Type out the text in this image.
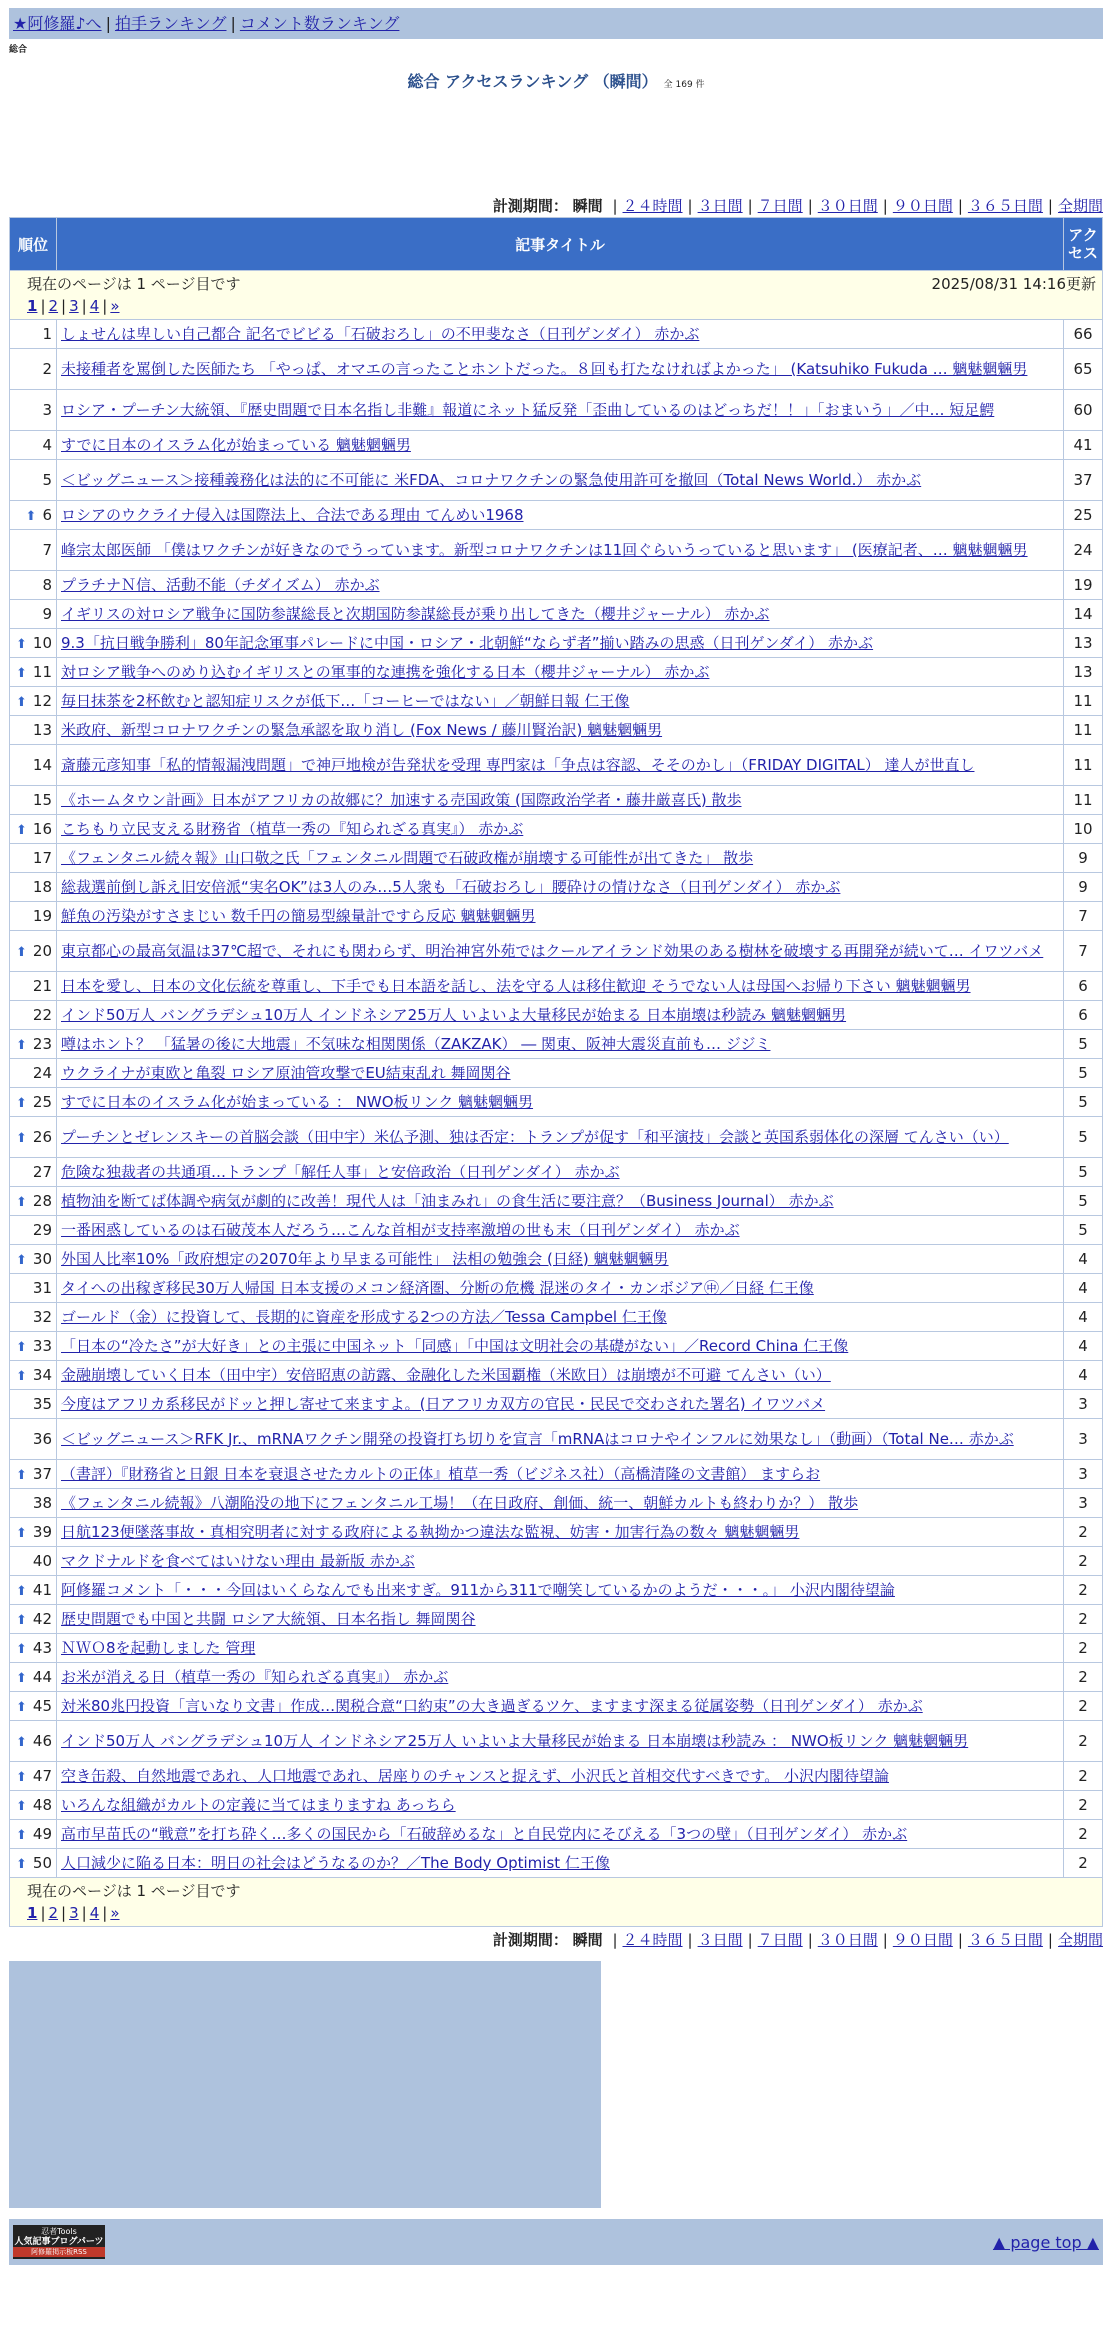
★阿修羅♪へ | 拍手ランキング | コメント数ランキング
総合
総合 アクセスランキング （瞬間） 全 169 件
計測期間： 瞬間 | ２４時間 | ３日間 | ７日間 | ３０日間 | ９０日間 | ３６５日間 | 全期間
現在のページは 1 ページ目です 2025/08/31 14:16更新
1 | 2 | 3 | 4 | »		

順位	記事タイトル	アクセス
1	しょせんは卑しい自己都合 記名でビビる「石破おろし」の不甲斐なさ（日刊ゲンダイ） 赤かぶ	66
2	未接種者を罵倒した医師たち 「やっぱ、オマエの言ったことホントだった。８回も打たなければよかった」 (Katsuhiko Fukuda … 魑魅魍魎男	65
3	ロシア・プーチン大統領、『歴史問題で日本名指し非難』報道にネット猛反発「歪曲しているのはどっちだ！！」「おまいう」／中… 短足鰐	60
4	すでに日本のイスラム化が始まっている 魑魅魍魎男	41
5	＜ビッグニュース＞接種義務化は法的に不可能に 米FDA、コロナワクチンの緊急使用許可を撤回（Total News World.） 赤かぶ	37
⬆ 6	ロシアのウクライナ侵入は国際法上、合法である理由 てんめい1968	25
7	峰宗太郎医師 「僕はワクチンが好きなのでうっています。新型コロナワクチンは11回ぐらいうっていると思います」 (医療記者、… 魑魅魍魎男	24
8	プラチナＮ信、活動不能（チダイズム） 赤かぶ	19
9	イギリスの対ロシア戦争に国防参謀総長と次期国防参謀総長が乗り出してきた（櫻井ジャーナル） 赤かぶ	14
⬆ 10	9.3「抗日戦争勝利」80年記念軍事パレードに中国・ロシア・北朝鮮“ならず者”揃い踏みの思惑（日刊ゲンダイ） 赤かぶ	13
⬆ 11	対ロシア戦争へのめり込むイギリスとの軍事的な連携を強化する日本（櫻井ジャーナル） 赤かぶ	13
⬆ 12	毎日抹茶を2杯飲むと認知症リスクが低下…「コーヒーではない」／朝鮮日報 仁王像	11
13	米政府、新型コロナワクチンの緊急承認を取り消し (Fox News / 藤川賢治訳) 魑魅魍魎男	11
14	斎藤元彦知事「私的情報漏洩問題」で神戸地検が告発状を受理 専門家は「争点は容認、そそのかし」（FRIDAY DIGITAL） 達人が世直し	11
15	《ホームタウン計画》日本がアフリカの故郷に？加速する売国政策 (国際政治学者・藤井厳喜氏) 散歩	11
⬆ 16	こちもり立民支える財務省（植草一秀の『知られざる真実』） 赤かぶ	10
17	《フェンタニル続々報》山口敬之氏「フェンタニル問題で石破政権が崩壊する可能性が出てきた」 散歩	9
18	総裁選前倒し訴え旧安倍派“実名OK”は3人のみ…5人衆も「石破おろし」腰砕けの情けなさ（日刊ゲンダイ） 赤かぶ	9
19	鮮魚の汚染がすさまじい 数千円の簡易型線量計ですら反応 魑魅魍魎男	7
⬆ 20	東京都心の最高気温は37℃超で、それにも関わらず、明治神宮外苑ではクールアイランド効果のある樹林を破壊する再開発が続いて… イワツバメ	7
21	日本を愛し、日本の文化伝統を尊重し、下手でも日本語を話し、法を守る人は移住歓迎 そうでない人は母国へお帰り下さい 魑魅魍魎男	6
22	インド50万人 バングラデシュ10万人 インドネシア25万人 いよいよ大量移民が始まる 日本崩壊は秒読み 魑魅魍魎男	6
⬆ 23	噂はホント？ 「猛暑の後に大地震」不気味な相関関係（ZAKZAK） ― 関東、阪神大震災直前も… ジジミ	5
24	ウクライナが東欧と亀裂 ロシア原油管攻撃でEU結束乱れ 舞岡関谷	5
⬆ 25	すでに日本のイスラム化が始まっている ： NWO板リンク 魑魅魍魎男	5
⬆ 26	プーチンとゼレンスキーの首脳会談（田中宇）米仏予測、独は否定：トランプが促す「和平演技」会談と英国系弱体化の深層 てんさい（い）	5
27	危険な独裁者の共通項…トランプ「解任人事」と安倍政治（日刊ゲンダイ） 赤かぶ	5
⬆ 28	植物油を断てば体調や病気が劇的に改善！現代人は「油まみれ」の食生活に要注意？（Business Journal） 赤かぶ	5
29	一番困惑しているのは石破茂本人だろう…こんな首相が支持率激増の世も末（日刊ゲンダイ） 赤かぶ	5
⬆ 30	外国人比率10%「政府想定の2070年より早まる可能性」 法相の勉強会 (日経) 魑魅魍魎男	4
31	タイへの出稼ぎ移民30万人帰国 日本支援のメコン経済圏、分断の危機 混迷のタイ・カンボジア㊥／日経 仁王像	4
32	ゴールド（金）に投資して、長期的に資産を形成する2つの方法／Tessa Campbel 仁王像	4
⬆ 33	「日本の“冷たさ”が大好き」との主張に中国ネット「同感」「中国は文明社会の基礎がない」／Record China 仁王像	4
⬆ 34	金融崩壊していく日本（田中宇）安倍昭恵の訪露、金融化した米国覇権（米欧日）は崩壊が不可避 てんさい（い）	4
35	今度はアフリカ系移民がドッと押し寄せて来ますよ。(日アフリカ双方の官民・民民で交わされた署名) イワツバメ	3
36	＜ビッグニュース＞RFK Jr.、mRNAワクチン開発の投資打ち切りを宣言「mRNAはコロナやインフルに効果なし」（動画）（Total Ne… 赤かぶ	3
⬆ 37	（書評）『財務省と日銀 日本を衰退させたカルトの正体』植草一秀（ビジネス社）（高橋清隆の文書館） ますらお	3
38	《フェンタニル続報》八潮陥没の地下にフェンタニル工場！（在日政府、創価、統一、朝鮮カルトも終わりか？） 散歩	3
⬆ 39	日航123便墜落事故・真相究明者に対する政府による執拗かつ違法な監視、妨害・加害行為の数々 魑魅魍魎男	2
40	マクドナルドを食べてはいけない理由 最新版 赤かぶ	2
⬆ 41	阿修羅コメント「・・・今回はいくらなんでも出来すぎ。911から311で嘲笑しているかのようだ・・・。」 小沢内閣待望論	2
⬆ 42	歴史問題でも中国と共闘 ロシア大統領、日本名指し 舞岡関谷	2
⬆ 43	ＮＷＯ8を起動しました 管理	2
⬆ 44	お米が消える日（植草一秀の『知られざる真実』） 赤かぶ	2
⬆ 45	対米80兆円投資「言いなり文書」作成…関税合意“口約束”の大き過ぎるツケ、ますます深まる従属姿勢（日刊ゲンダイ） 赤かぶ	2
⬆ 46	インド50万人 バングラデシュ10万人 インドネシア25万人 いよいよ大量移民が始まる 日本崩壊は秒読み ： NWO板リンク 魑魅魍魎男	2
⬆ 47	空き缶殺、自然地震であれ、人口地震であれ、居座りのチャンスと捉えず、小沢氏と首相交代すべきです。 小沢内閣待望論	2
⬆ 48	いろんな組織がカルトの定義に当てはまりますね あっちら	2
⬆ 49	高市早苗氏の“戦意”を打ち砕く…多くの国民から「石破辞めるな」と自民党内にそびえる「3つの壁」（日刊ゲンダイ） 赤かぶ	2
⬆ 50	人口減少に陥る日本：明日の社会はどうなるのか？／The Body Optimist 仁王像	2

現在のページは 1 ページ目です
1 | 2 | 3 | 4 | »		
計測期間： 瞬間 | ２４時間 | ３日間 | ７日間 | ３０日間 | ９０日間 | ３６５日間 | 全期間
忍者Tools
人気記事ブログパーツ
阿修羅掲示板RSS
▲ page top ▲
